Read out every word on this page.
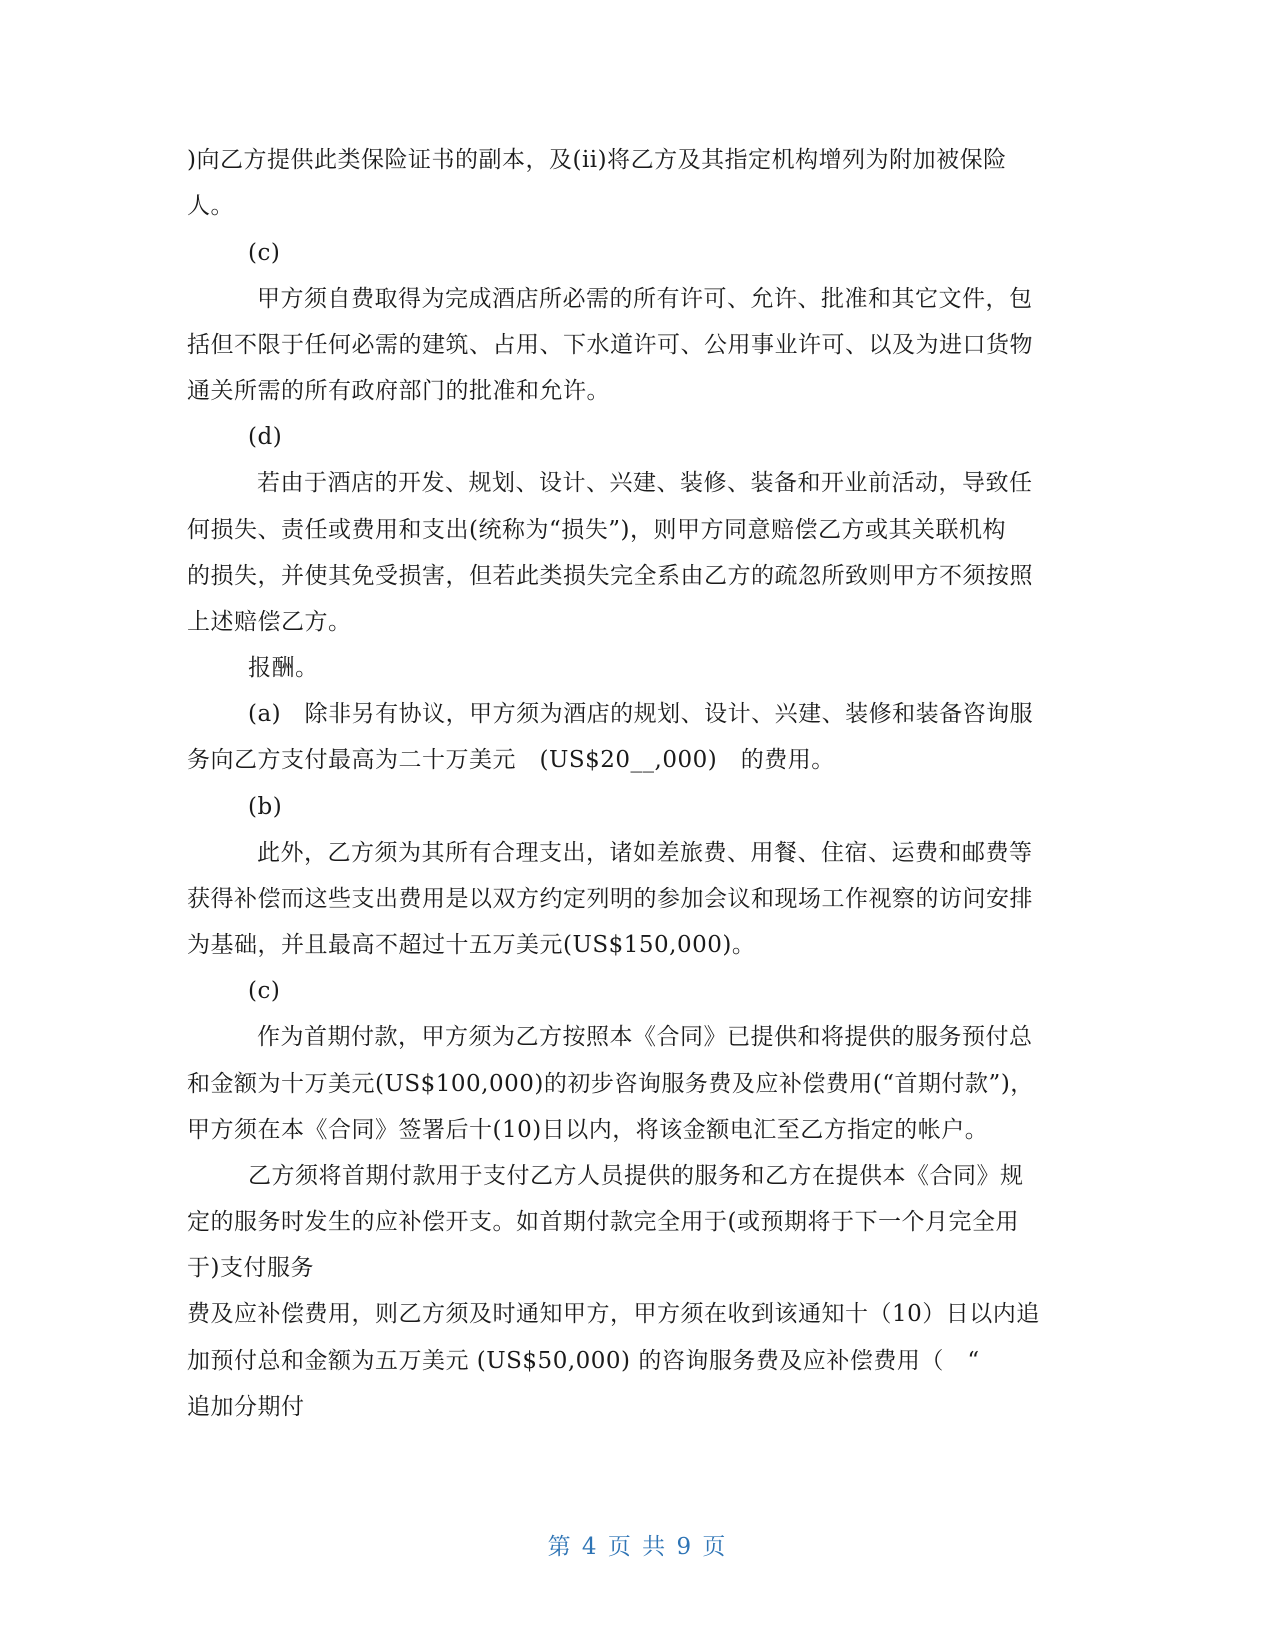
)向乙方提供此类保险证书的副本，及(ii)将乙方及其指定机构增列为附加被保险
人。
(c)
甲方须自费取得为完成酒店所必需的所有许可、允许、批准和其它文件，包
括但不限于任何必需的建筑、占用、下水道许可、公用事业许可、以及为进口货物
通关所需的所有政府部门的批准和允许。
(d)
若由于酒店的开发、规划、设计、兴建、装修、装备和开业前活动，导致任
何损失、责任或费用和支出(统称为“损失”)，则甲方同意赔偿乙方或其关联机构
的损失，并使其免受损害，但若此类损失完全系由乙方的疏忽所致则甲方不须按照
上述赔偿乙方。
报酬。
(a)　除非另有协议，甲方须为酒店的规划、设计、兴建、装修和装备咨询服
务向乙方支付最高为二十万美元　(US$20__,000)　的费用。
(b)
此外，乙方须为其所有合理支出，诸如差旅费、用餐、住宿、运费和邮费等
获得补偿而这些支出费用是以双方约定列明的参加会议和现场工作视察的访问安排
为基础，并且最高不超过十五万美元(US$150,000)。
(c)
作为首期付款，甲方须为乙方按照本《合同》已提供和将提供的服务预付总
和金额为十万美元(US$100,000)的初步咨询服务费及应补偿费用(“首期付款”)，
甲方须在本《合同》签署后十(10)日以内，将该金额电汇至乙方指定的帐户。
乙方须将首期付款用于支付乙方人员提供的服务和乙方在提供本《合同》规
定的服务时发生的应补偿开支。如首期付款完全用于(或预期将于下一个月完全用
于)支付服务
费及应补偿费用，则乙方须及时通知甲方，甲方须在收到该通知十（10）日以内追
加预付总和金额为五万美元 (US$50,000) 的咨询服务费及应补偿费用（　“
追加分期付
第 4 页 共 9 页
